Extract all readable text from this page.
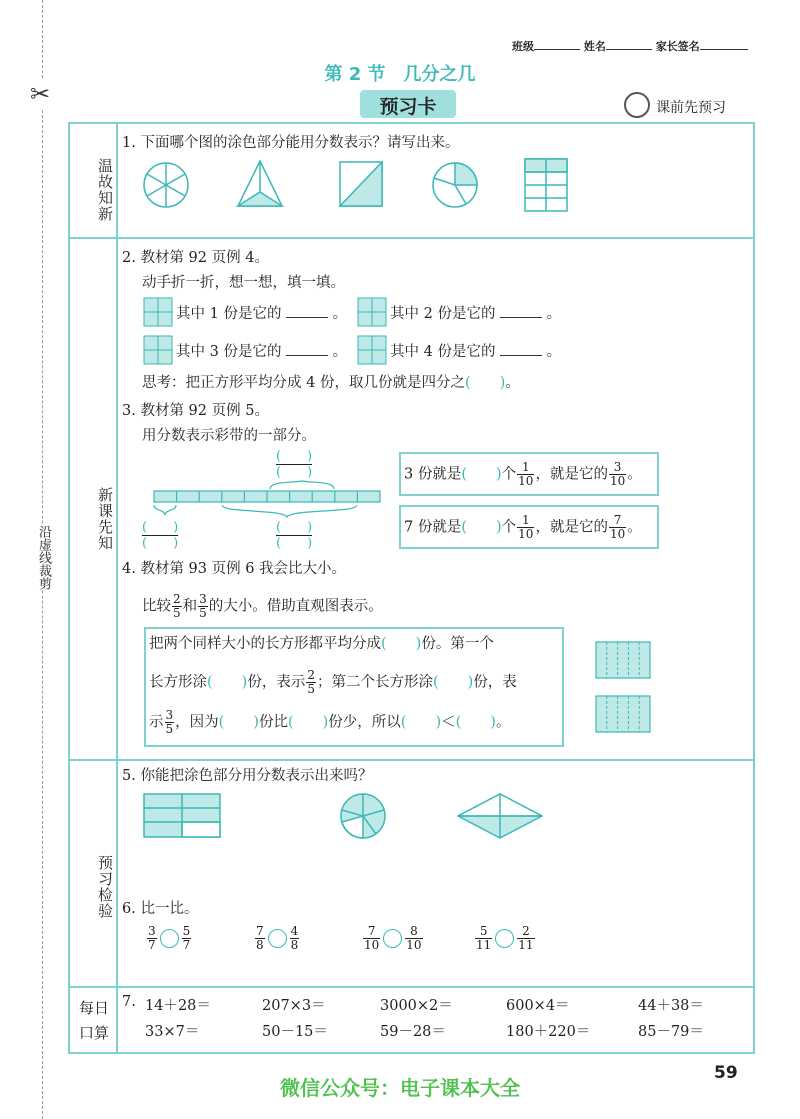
✂
沿虚线裁剪
班级	姓名	家长签名
第 2 节　几分之几
预习卡	课前先预习
温故知新
新课先知
预习检验
每日口算
1. 下面哪个图的涂色部分能用分数表示？请写出来。
2. 教材第 92 页例 4。
动手折一折，想一想，填一填。
其中 1 份是它的	。	其中 2 份是它的	。
其中 3 份是它的	。	其中 4 份是它的	。
思考：把正方形平均分成 4 份，取几份就是四分之(　　)。
3. 教材第 92 页例 5。
用分数表示彩带的一部分。
(　　)
(　　)
(　　)
(　　)
(　　)
(　　)
3 份就是(　　)个 $\frac{1}{10}$ ，就是它的 $\frac{3}{10}$ 。
7 份就是(　　)个 $\frac{1}{10}$ ，就是它的 $\frac{7}{10}$ 。
4. 教材第 93 页例 6 我会比大小。
比较 $\frac{2}{5}$ 和 $\frac{3}{5}$ 的大小。借助直观图表示。
把两个同样大小的长方形都平均分成(　　)份。第一个
长方形涂(　　)份，表示 $\frac{2}{5}$ ；第二个长方形涂(　　)份，表
示 $\frac{3}{5}$ ，因为(　　)份比(　　)份少，所以(　　)＜(　　)。
5. 你能把涂色部分用分数表示出来吗？
6. 比一比。
$\frac{3}{7} \frac{5}{7}$	$\frac{7}{8} \frac{4}{8}$	$\frac{7}{10} \frac{8}{10}$	$\frac{5}{11} \frac{2}{11}$
7. 14＋28＝	207×3＝	3000×2＝	600×4＝	44＋38＝
33×7＝	50－15＝	59－28＝	180＋220＝	85－79＝
微信公众号：电子课本大全
59
